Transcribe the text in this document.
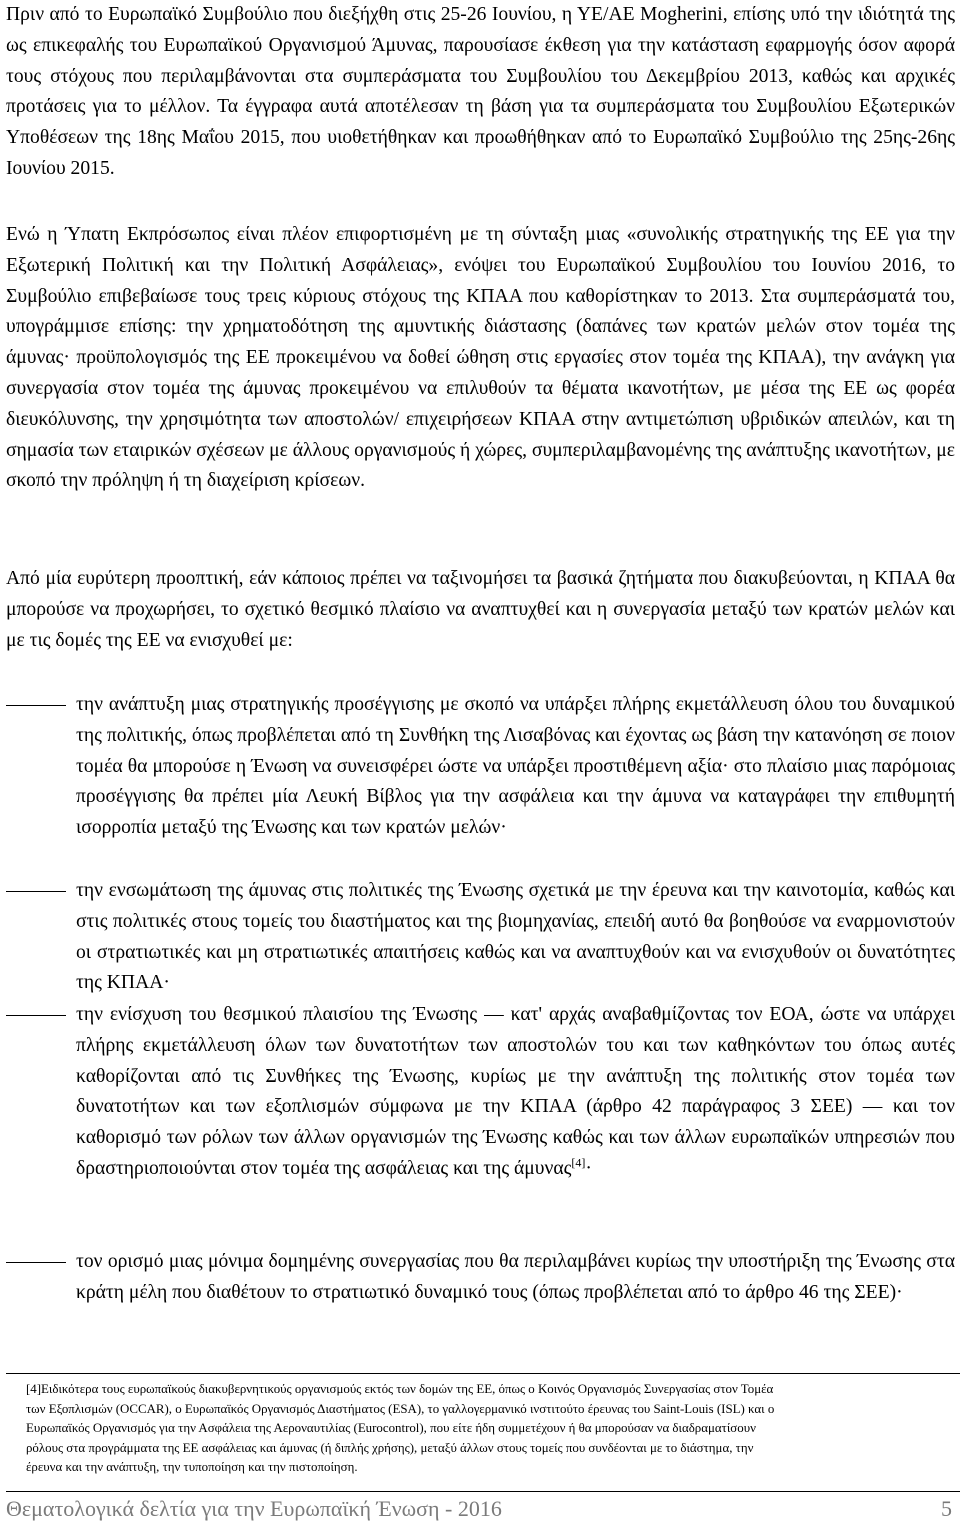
Πριν από το Ευρωπαϊκό Συμβούλιο που διεξήχθη στις 25-26 Ιουνίου, η ΥΕ/ΑΕ Mogherini, επίσης υπό την ιδιότητά της ως επικεφαλής του Ευρωπαϊκού Οργανισμού Άμυνας, παρουσίασε έκθεση για την κατάσταση εφαρμογής όσον αφορά τους στόχους που περιλαμβάνονται στα συμπεράσματα του Συμβουλίου του Δεκεμβρίου 2013, καθώς και αρχικές προτάσεις για το μέλλον. Τα έγγραφα αυτά αποτέλεσαν τη βάση για τα συμπεράσματα του Συμβουλίου Εξωτερικών Υποθέσεων της 18ης Μαΐου 2015, που υιοθετήθηκαν και προωθήθηκαν από το Ευρωπαϊκό Συμβούλιο της 25ης-26ης Ιουνίου 2015.

Ενώ η Ύπατη Εκπρόσωπος είναι πλέον επιφορτισμένη με τη σύνταξη μιας «συνολικής στρατηγικής της ΕΕ για την Εξωτερική Πολιτική και την Πολιτική Ασφάλειας», ενόψει του Ευρωπαϊκού Συμβουλίου του Ιουνίου 2016, το Συμβούλιο επιβεβαίωσε τους τρεις κύριους στόχους της ΚΠΑΑ που καθορίστηκαν το 2013. Στα συμπεράσματά του, υπογράμμισε επίσης: την χρηματοδότηση της αμυντικής διάστασης (δαπάνες των κρατών μελών στον τομέα της άμυνας· προϋπολογισμός της ΕΕ προκειμένου να δοθεί ώθηση στις εργασίες στον τομέα της ΚΠΑΑ), την ανάγκη για συνεργασία στον τομέα της άμυνας προκειμένου να επιλυθούν τα θέματα ικανοτήτων, με μέσα της ΕΕ ως φορέα διευκόλυνσης, την χρησιμότητα των αποστολών/ επιχειρήσεων ΚΠΑΑ στην αντιμετώπιση υβριδικών απειλών, και τη σημασία των εταιρικών σχέσεων με άλλους οργανισμούς ή χώρες, συμπεριλαμβανομένης της ανάπτυξης ικανοτήτων, με σκοπό την πρόληψη ή τη διαχείριση κρίσεων.

Από μία ευρύτερη προοπτική, εάν κάποιος πρέπει να ταξινομήσει τα βασικά ζητήματα που διακυβεύονται, η ΚΠΑΑ θα μπορούσε να προχωρήσει, το σχετικό θεσμικό πλαίσιο να αναπτυχθεί και η συνεργασία μεταξύ των κρατών μελών και με τις δομές της ΕΕ να ενισχυθεί με:

την ανάπτυξη μιας στρατηγικής προσέγγισης με σκοπό να υπάρξει πλήρης εκμετάλλευση όλου του δυναμικού της πολιτικής, όπως προβλέπεται από τη Συνθήκη της Λισαβόνας και έχοντας ως βάση την κατανόηση σε ποιον τομέα θα μπορούσε η Ένωση να συνεισφέρει ώστε να υπάρξει προστιθέμενη αξία· στο πλαίσιο μιας παρόμοιας προσέγγισης θα πρέπει μία Λευκή Βίβλος για την ασφάλεια και την άμυνα να καταγράφει την επιθυμητή ισορροπία μεταξύ της Ένωσης και των κρατών μελών·

την ενσωμάτωση της άμυνας στις πολιτικές της Ένωσης σχετικά με την έρευνα και την καινοτομία, καθώς και στις πολιτικές στους τομείς του διαστήματος και της βιομηχανίας, επειδή αυτό θα βοηθούσε να εναρμονιστούν οι στρατιωτικές και μη στρατιωτικές απαιτήσεις καθώς και να αναπτυχθούν και να ενισχυθούν οι δυνατότητες της ΚΠΑΑ·

την ενίσχυση του θεσμικού πλαισίου της Ένωσης ― κατ' αρχάς αναβαθμίζοντας τον ΕΟΑ, ώστε να υπάρχει πλήρης εκμετάλλευση όλων των δυνατοτήτων των αποστολών του και των καθηκόντων του όπως αυτές καθορίζονται από τις Συνθήκες της Ένωσης, κυρίως με την ανάπτυξη της πολιτικής στον τομέα των δυνατοτήτων και των εξοπλισμών σύμφωνα με την ΚΠΑΑ (άρθρο 42 παράγραφος 3 ΣΕΕ) ― και τον καθορισμό των ρόλων των άλλων οργανισμών της Ένωσης καθώς και των άλλων ευρωπαϊκών υπηρεσιών που δραστηριοποιούνται στον τομέα της ασφάλειας και της άμυνας[4]·

τον ορισμό μιας μόνιμα δομημένης συνεργασίας που θα περιλαμβάνει κυρίως την υποστήριξη της Ένωσης στα κράτη μέλη που διαθέτουν το στρατιωτικό δυναμικό τους (όπως προβλέπεται από το άρθρο 46 της ΣΕΕ)·

[4]Ειδικότερα τους ευρωπαϊκούς διακυβερνητικούς οργανισμούς εκτός των δομών της ΕΕ, όπως ο Κοινός Οργανισμός Συνεργασίας στον Τομέα των Εξοπλισμών (OCCAR), ο Ευρωπαϊκός Οργανισμός Διαστήματος (ESA), το γαλλογερμανικό ινστιτούτο έρευνας του Saint-Louis (ISL) και ο Ευρωπαϊκός Οργανισμός για την Ασφάλεια της Αεροναυτιλίας (Eurocontrol), που είτε ήδη συμμετέχουν ή θα μπορούσαν να διαδραματίσουν ρόλους στα προγράμματα της ΕΕ ασφάλειας και άμυνας (ή διπλής χρήσης), μεταξύ άλλων στους τομείς που συνδέονται με το διάστημα, την έρευνα και την ανάπτυξη, την τυποποίηση και την πιστοποίηση.

Θεματολογικά δελτία για την Ευρωπαϊκή Ένωση - 2016	5
